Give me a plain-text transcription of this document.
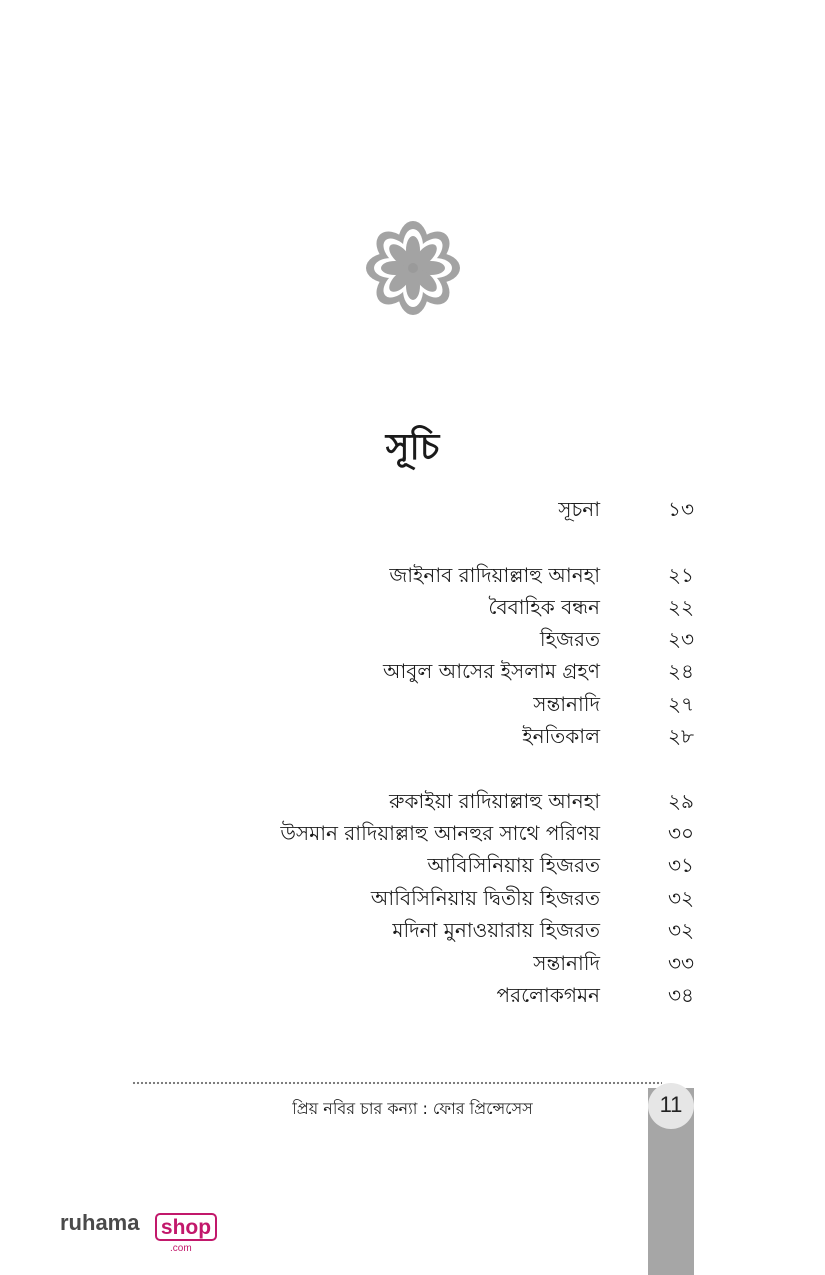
সূচি
সূচনা	১৩
জাইনাব রাদিয়াল্লাহু আনহা	২১
বৈবাহিক বন্ধন	২২
হিজরত	২৩
আবুল আসের ইসলাম গ্রহণ	২৪
সন্তানাদি	২৭
ইনতিকাল	২৮
রুকাইয়া রাদিয়াল্লাহু আনহা	২৯
উসমান রাদিয়াল্লাহু আনহুর সাথে পরিণয়	৩০
আবিসিনিয়ায় হিজরত	৩১
আবিসিনিয়ায় দ্বিতীয় হিজরত	৩২
মদিনা মুনাওয়ারায় হিজরত	৩২
সন্তানাদি	৩৩
পরলোকগমন	৩৪
প্রিয় নবির চার কন্যা : ফোর প্রিন্সেসেস	11
ruhama shop
.com
